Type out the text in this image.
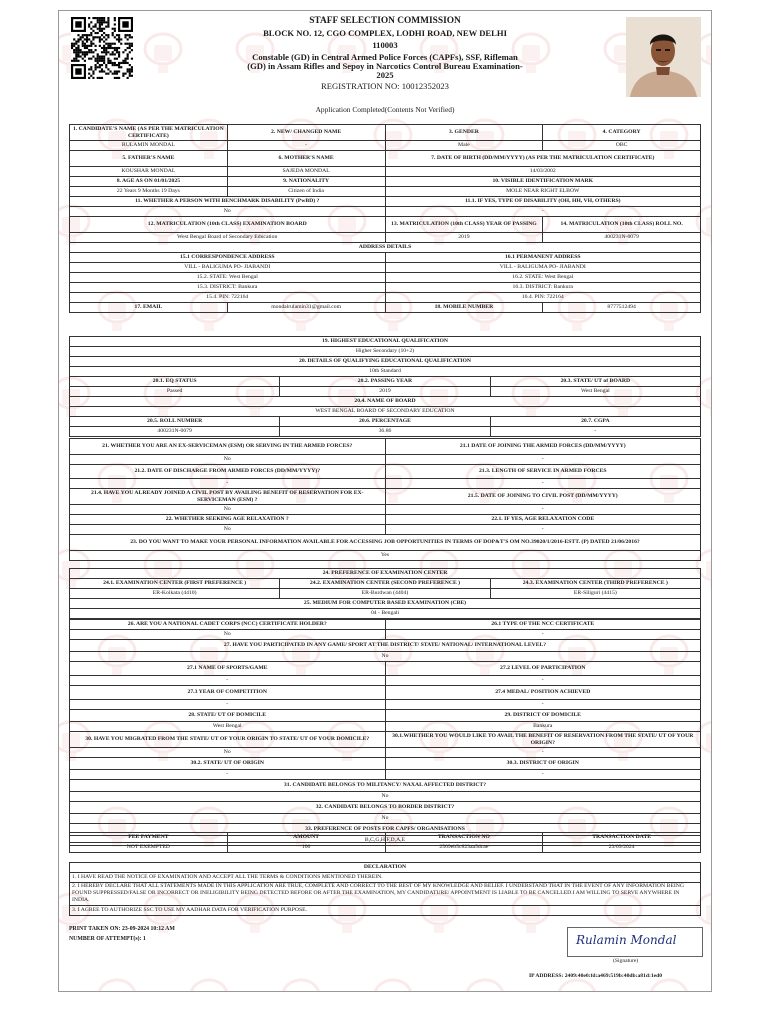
STAFF SELECTION COMMISSION
BLOCK NO. 12, CGO COMPLEX, LODHI ROAD, NEW DELHI
110003
Constable (GD) in Central Armed Police Forces (CAPFs), SSF, Rifleman
(GD) in Assam Rifles and Sepoy in Narcotics Control Bureau Examination-
2025
REGISTRATION NO: 10012352023
Application Completed(Contents Not Verified)
1. CANDIDATE'S NAME (AS PER THE MATRICULATION CERTIFICATE)	2. NEW/ CHANGED NAME	3. GENDER	4. CATEGORY
RULAMIN MONDAL	-	Male	OBC
5. FATHER'S NAME	6. MOTHER'S NAME	7. DATE OF BIRTH (DD/MM/YYYY) (AS PER THE MATRICULATION CERTIFICATE)	
KOUSHAR MONDAL	SAJEDA MONDAL	14/03/2002	
8. AGE AS ON 01/01/2025	9. NATIONALITY	10. VISIBLE IDENTIFICATION MARK	
22 Years 9 Months 19 Days	Citizen of India	MOLE NEAR RIGHT ELBOW	
11. WHETHER A PERSON WITH BENCHMARK DISABILITY (PwBD) ?		11.1. IF YES, TYPE OF DISABILITY (OH, HH, VH, OTHERS)	
No		-	
12. MATRICULATION (10th CLASS) EXAMINATION BOARD		13. MATRICULATION (10th CLASS) YEAR OF PASSING	14. MATRICULATION (10th CLASS) ROLL NO.
West Bengal Board of Secondary Education		2019	400231N-0079
ADDRESS DETAILS			
15.1 CORRESPONDENCE ADDRESS		16.1 PERMANENT ADDRESS	
VILL - BALIGUMA PO- JIABANDI		VILL - BALIGUMA PO- JIABANDI	
15.2. STATE: West Bengal		16.2. STATE: West Bengal	
15.3. DISTRICT: Bankura		16.3. DISTRICT: Bankura	
15.4. PIN: 722164		16.4. PIN: 722164	
17. EMAIL	mondalrulamin31@gmail.com	18. MOBILE NUMBER	8777512494
19. HIGHEST EDUCATIONAL QUALIFICATION		
Higher Secondary (10+2)		
20. DETAILS OF QUALIFYING EDUCATIONAL QUALIFICATION		
10th Standard		
20.1. EQ STATUS	20.2. PASSING YEAR	20.3. STATE/ UT of BOARD
Passed	2019	West Bengal
20.4. NAME OF BOARD		
WEST BENGAL BOARD OF SECONDARY EDUCATION		
20.5. ROLL NUMBER	20.6. PERCENTAGE	20.7. CGPA
400231N-0079	36.86	-
21. WHETHER YOU ARE AN EX-SERVICEMAN (ESM) OR SERVING IN THE ARMED FORCES?	21.1 DATE OF JOINING THE ARMED FORCES (DD/MM/YYYY)
No	-
21.2. DATE OF DISCHARGE FROM ARMED FORCES (DD/MM/YYYY)?	21.3. LENGTH OF SERVICE IN ARMED FORCES
-	-
21.4. HAVE YOU ALREADY JOINED A CIVIL POST BY AVAILING BENEFIT OF RESERVATION FOR EX-SERVICEMAN (ESM) ?	21.5. DATE OF JOINING TO CIVIL POST (DD/MM/YYYY)
No	-
22. WHETHER SEEKING AGE RELAXATION ?	22.1. IF YES, AGE RELAXATION CODE
No	-
23. DO YOU WANT TO MAKE YOUR PERSONAL INFORMATION AVAILABLE FOR ACCESSING JOB OPPORTUNITIES IN TERMS OF DOP&T'S OM NO.39020/1/2016-ESTT. (P) DATED 21/06/2016?	
Yes	
24. PREFERENCE OF EXAMINATION CENTER		
24.1. EXAMINATION CENTER (FIRST PREFERENCE )	24.2. EXAMINATION CENTER (SECOND PREFERENCE )	24.3. EXAMINATION CENTER (THIRD PREFERENCE )
ER-Kolkata (4410)	ER-Burdwan (4404)	ER-Siliguri (4415)
25. MEDIUM FOR COMPUTER BASED EXAMINATION (CBE)		
04 - Bengali		
26. ARE YOU A NATIONAL CADET CORPS (NCC) CERTIFICATE HOLDER?	26.1 TYPE OF THE NCC CERTIFICATE
No	-
27. HAVE YOU PARTICIPATED IN ANY GAME/ SPORT AT THE DISTRICT/ STATE/ NATIONAL/ INTERNATIONAL LEVEL?	
No	
27.1 NAME OF SPORTS/GAME	27.2 LEVEL OF PARTICIPATION
-	-
27.3 YEAR OF COMPETITION	27.4 MEDAL/ POSITION ACHIEVED
-	-
28. STATE/ UT OF DOMICILE	29. DISTRICT OF DOMICILE
West Bengal	Bankura
30. HAVE YOU MIGRATED FROM THE STATE/ UT OF YOUR ORIGIN TO STATE/ UT OF YOUR DOMICILE?	30.1.WHETHER YOU WOULD LIKE TO AVAIL THE BENEFIT OF RESERVATION FROM THE STATE/ UT OF YOUR ORIGIN?
No	-
30.2. STATE/ UT OF ORIGIN	30.3. DISTRICT OF ORIGIN
-	-
31. CANDIDATE BELONGS TO MILITANCY/ NAXAL AFFECTED DISTRICT?	
No	
32. CANDIDATE BELONGS TO BORDER DISTRICT?	
No	
33. PREFERENCE OF POSTS FOR CAPFS/ ORGANISATIONS	
B,C,G,H,F,D,A,E	
FEE PAYMENT	AMOUNT	TRANSACTION NO	TRANSACTION DATE
NOT EXEMPTED	100	2509eb5c823aa5dcae	23/09/2024
DECLARATION
1. I HAVE READ THE NOTICE OF EXAMINATION AND ACCEPT ALL THE TERMS & CONDITIONS MENTIONED THEREIN.
2. I HEREBY DECLARE THAT ALL STATEMENTS MADE IN THIS APPLICATION ARE TRUE, COMPLETE AND CORRECT TO THE BEST OF MY KNOWLEDGE AND BELIEF. I UNDERSTAND THAT IN THE EVENT OF ANY INFORMATION BEING FOUND SUPPRESSED/FALSE OR INCORRECT OR INELIGIBILITY BEING DETECTED BEFORE OR AFTER THE EXAMINATION, MY CANDIDATURE/ APPOINTMENT IS LIABLE TO BE CANCELLED.I AM WILLING TO SERVE ANYWHERE IN INDIA.
3. I AGREE TO AUTHORIZE SSC TO USE MY AADHAR DATA FOR VERIFICATION PURPOSE.
PRINT TAKEN ON: 23-09-2024 10:12 AM
NUMBER OF ATTEMPT(s): 1	Rulamin Mondal
(Signature)
IP ADDRESS: 2409:40e0:fd:a469:519b:40db:a81d:1ed0
